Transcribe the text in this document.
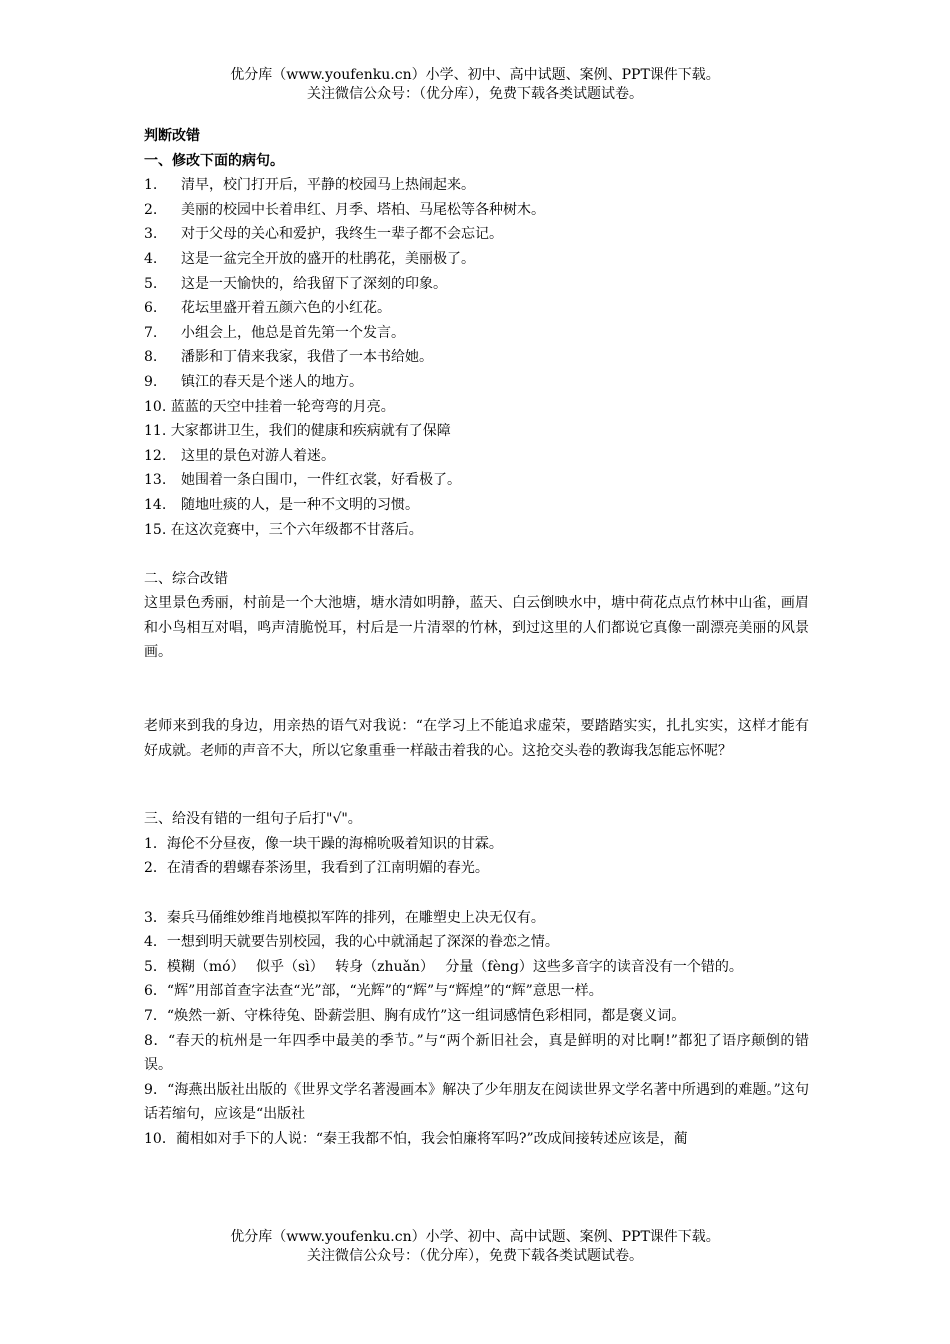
优分库（www.youfenku.cn）小学、初中、高中试题、案例、PPT课件下载。
关注微信公众号：（优分库），免费下载各类试题试卷。
判断改错
一、修改下面的病句。
1. 清早，校门打开后，平静的校园马上热闹起来。
2. 美丽的校园中长着串红、月季、塔柏、马尾松等各种树木。
3. 对于父母的关心和爱护，我终生一辈子都不会忘记。
4. 这是一盆完全开放的盛开的杜鹃花，美丽极了。
5. 这是一天愉快的，给我留下了深刻的印象。
6. 花坛里盛开着五颜六色的小红花。
7. 小组会上，他总是首先第一个发言。
8. 潘影和丁倩来我家，我借了一本书给她。
9. 镇江的春天是个迷人的地方。
10. 蓝蓝的天空中挂着一轮弯弯的月亮。
11. 大家都讲卫生，我们的健康和疾病就有了保障
12. 这里的景色对游人着迷。
13. 她围着一条白围巾，一件红衣裳，好看极了。
14. 随地吐痰的人，是一种不文明的习惯。
15. 在这次竞赛中，三个六年级都不甘落后。
二、综合改错
这里景色秀丽，村前是一个大池塘，塘水清如明静，蓝天、白云倒映水中，塘中荷花点点竹林中山雀，画眉和小鸟相互对唱，鸣声清脆悦耳，村后是一片清翠的竹林，到过这里的人们都说它真像一副漂亮美丽的风景画。
老师来到我的身边，用亲热的语气对我说：“在学习上不能追求虚荣，要踏踏实实，扎扎实实，这样才能有好成就。老师的声音不大，所以它象重垂一样敲击着我的心。这抢交头卷的教诲我怎能忘怀呢？
三、给没有错的一组句子后打"√"。
1．海伦不分昼夜，像一块干躁的海棉吮吸着知识的甘霖。
2．在清香的碧螺春茶汤里，我看到了江南明媚的春光。
3．秦兵马俑维妙维肖地模拟军阵的排列，在雕塑史上决无仅有。
4．一想到明天就要告别校园，我的心中就涌起了深深的眷恋之情。
5．模糊（mó）　 似乎（sì）　 转身（zhuǎn）　 分量（fèng）这些多音字的读音没有一个错的。
6．“辉”用部首查字法查“光”部，“光辉”的“辉”与“辉煌”的“辉”意思一样。
7．“焕然一新、守株待兔、卧薪尝胆、胸有成竹”这一组词感情色彩相同，都是褒义词。
8．“春天的杭州是一年四季中最美的季节。”与“两个新旧社会，真是鲜明的对比啊!”都犯了语序颠倒的错误。
9．“海燕出版社出版的《世界文学名著漫画本》解决了少年朋友在阅读世界文学名著中所遇到的难题。”这句话若缩句，应该是“出版社
10．蔺相如对手下的人说：“秦王我都不怕，我会怕廉将军吗?”改成间接转述应该是，蔺
优分库（www.youfenku.cn）小学、初中、高中试题、案例、PPT课件下载。
关注微信公众号：（优分库），免费下载各类试题试卷。
